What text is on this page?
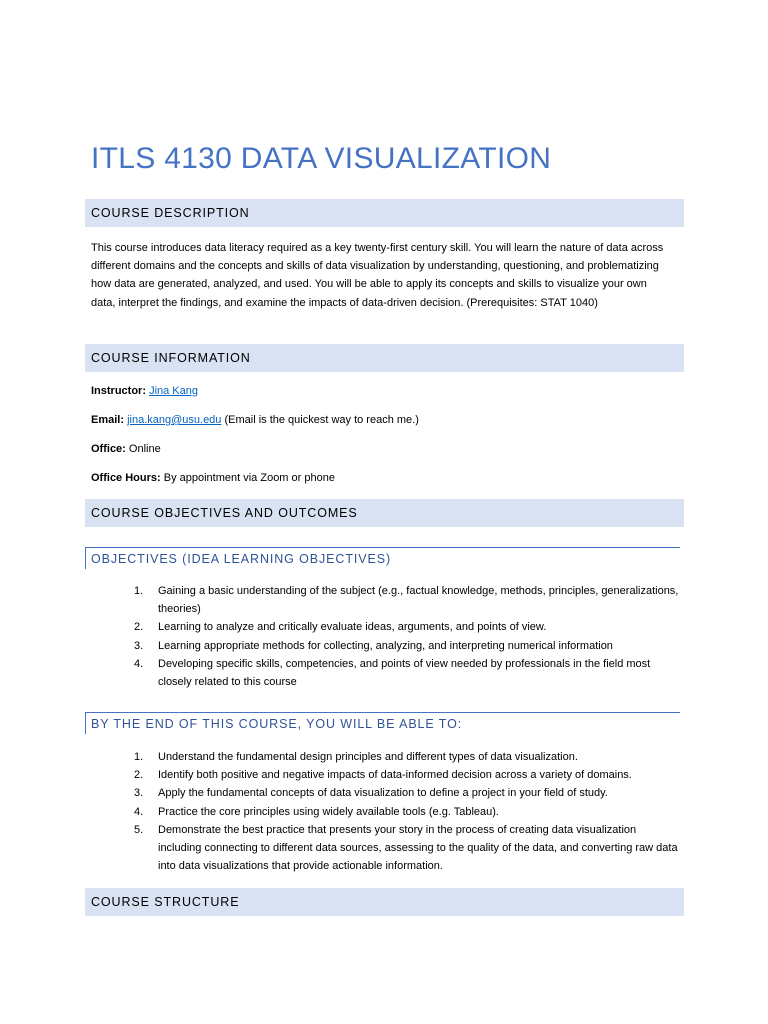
ITLS 4130 DATA VISUALIZATION
COURSE DESCRIPTION
This course introduces data literacy required as a key twenty-first century skill. You will learn the nature of data across different domains and the concepts and skills of data visualization by understanding, questioning, and problematizing how data are generated, analyzed, and used. You will be able to apply its concepts and skills to visualize your own data, interpret the findings, and examine the impacts of data-driven decision. (Prerequisites: STAT 1040)
COURSE INFORMATION
Instructor: Jina Kang
Email: jina.kang@usu.edu (Email is the quickest way to reach me.)
Office: Online
Office Hours: By appointment via Zoom or phone
COURSE OBJECTIVES AND OUTCOMES
OBJECTIVES (IDEA LEARNING OBJECTIVES)
1. Gaining a basic understanding of the subject (e.g., factual knowledge, methods, principles, generalizations, theories)
2. Learning to analyze and critically evaluate ideas, arguments, and points of view.
3. Learning appropriate methods for collecting, analyzing, and interpreting numerical information
4. Developing specific skills, competencies, and points of view needed by professionals in the field most closely related to this course
BY THE END OF THIS COURSE, YOU WILL BE ABLE TO:
1. Understand the fundamental design principles and different types of data visualization.
2. Identify both positive and negative impacts of data-informed decision across a variety of domains.
3. Apply the fundamental concepts of data visualization to define a project in your field of study.
4. Practice the core principles using widely available tools (e.g. Tableau).
5. Demonstrate the best practice that presents your story in the process of creating data visualization including connecting to different data sources, assessing to the quality of the data, and converting raw data into data visualizations that provide actionable information.
COURSE STRUCTURE
